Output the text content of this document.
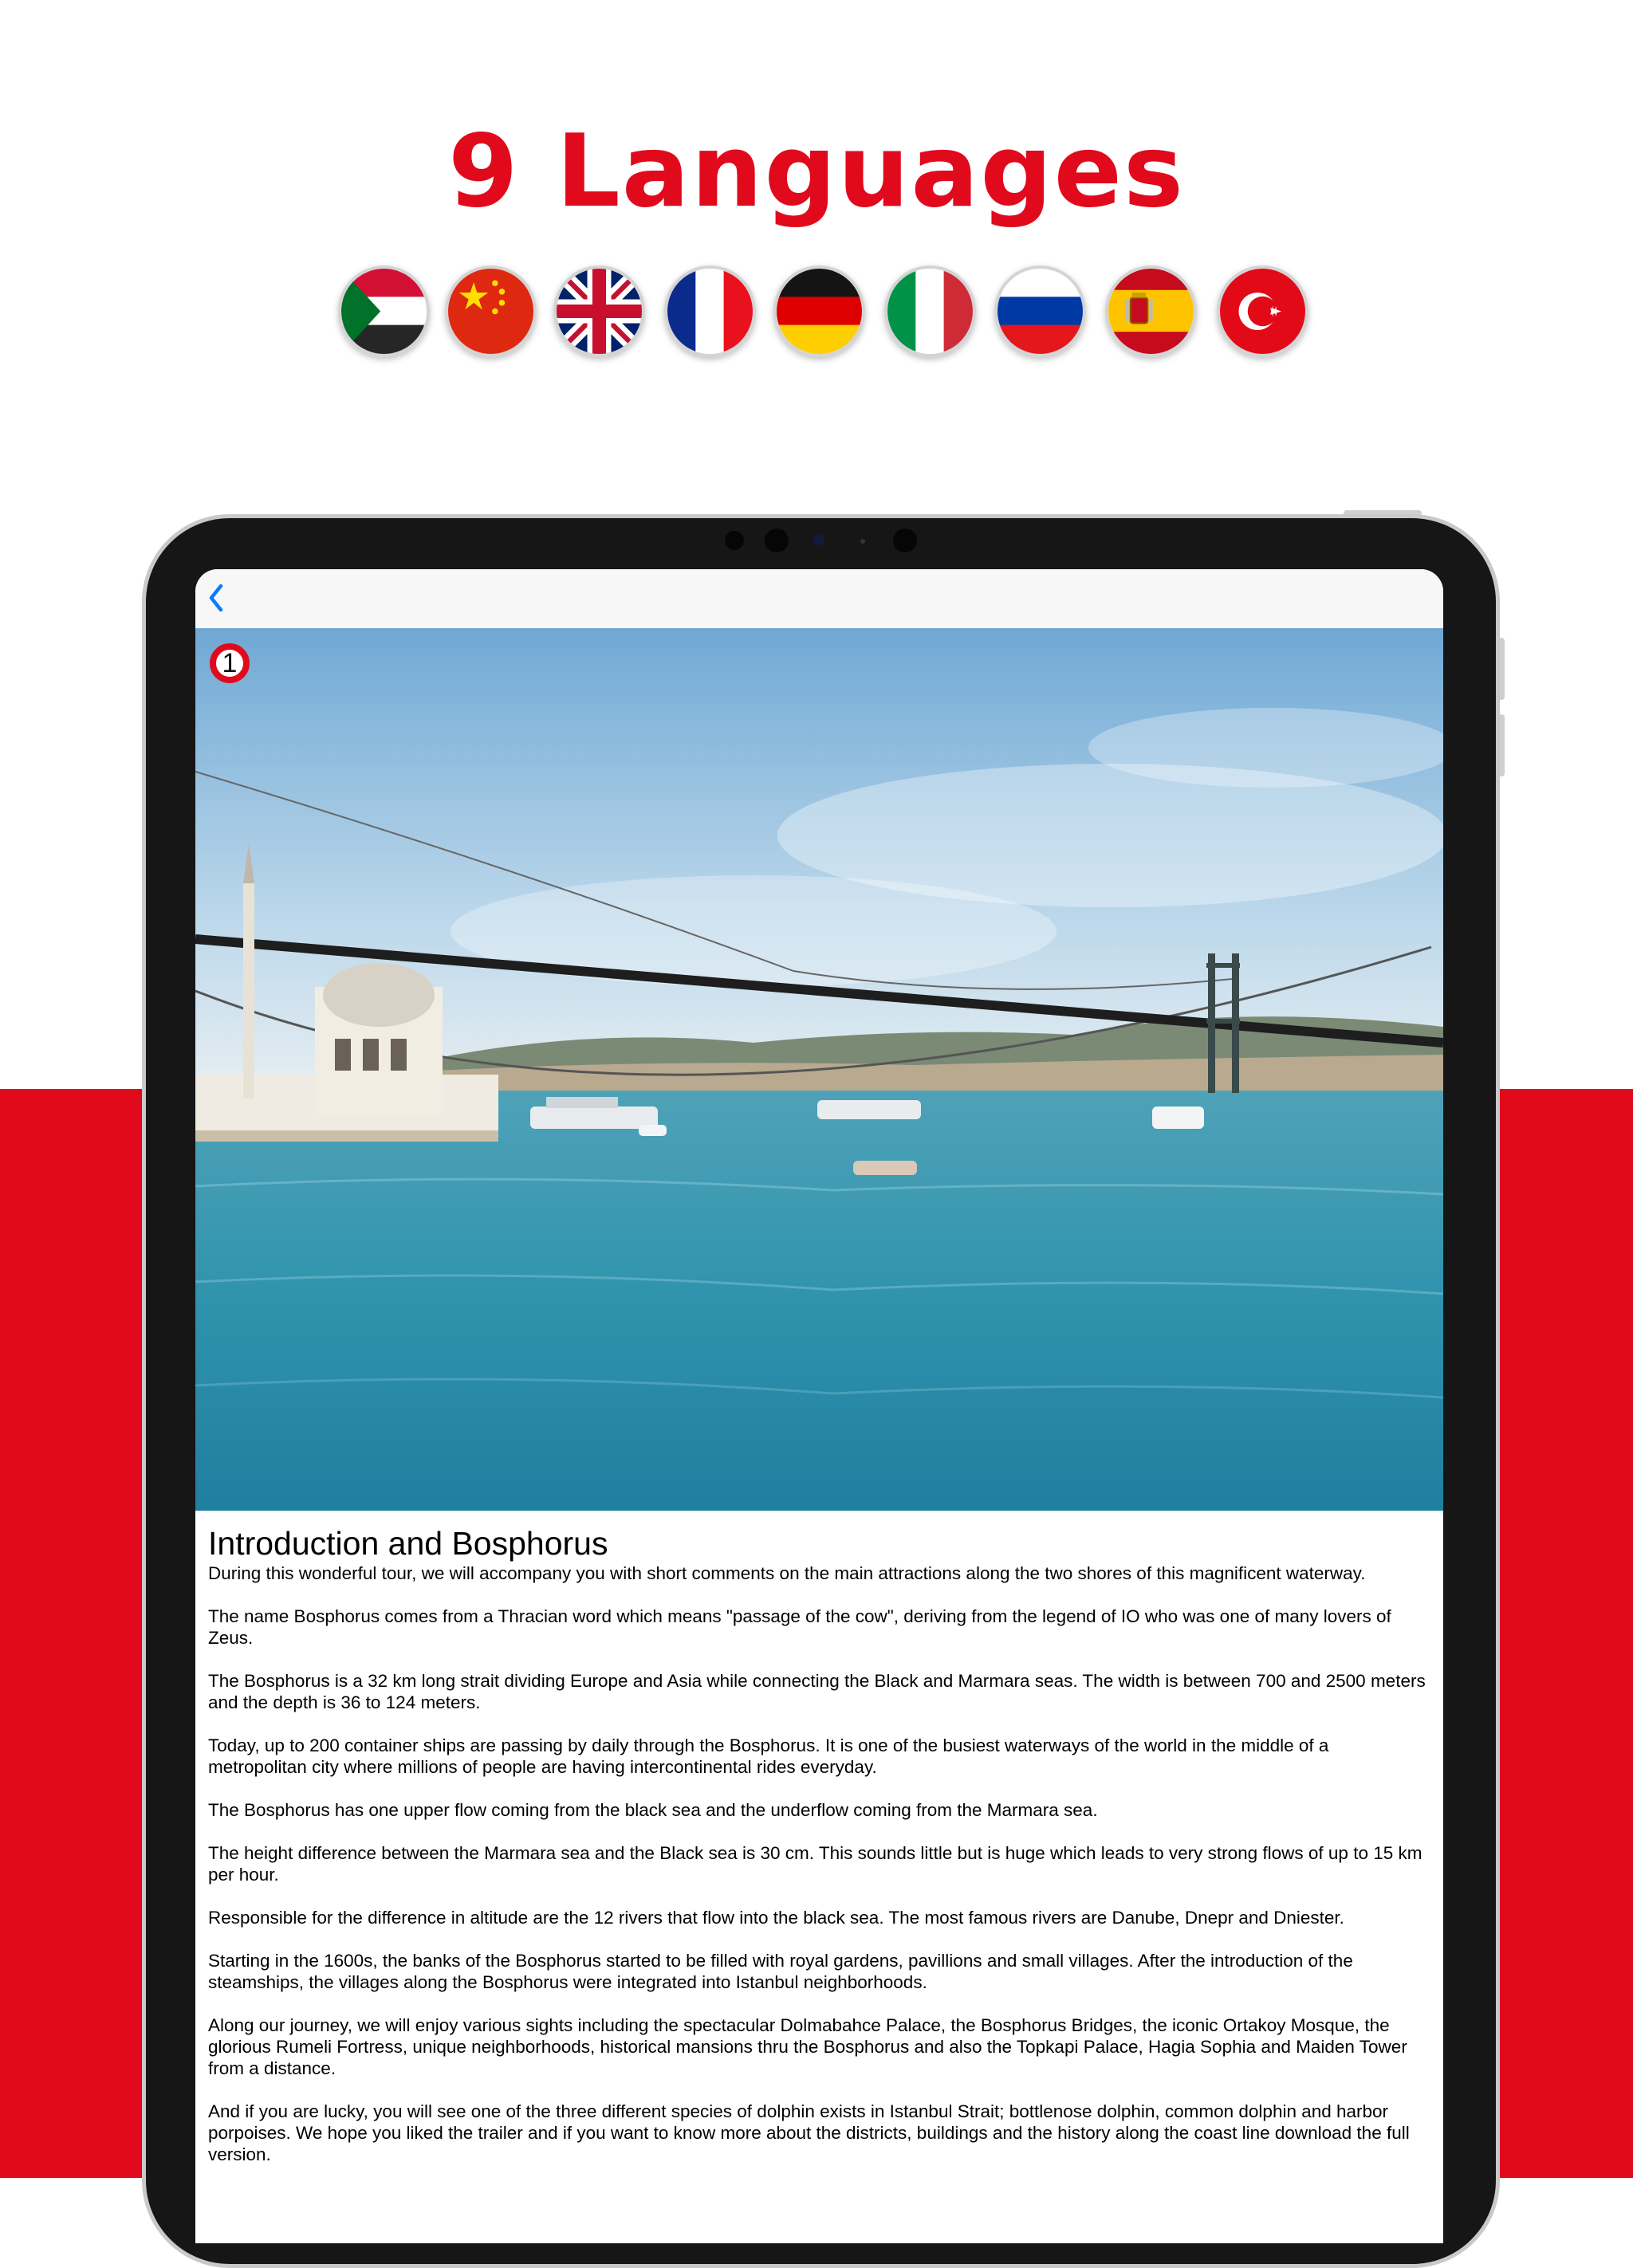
9 Languages
1
Introduction and Bosphorus

During this wonderful tour, we will accompany you with short comments on the main attractions along the two shores of this magnificent waterway.

The name Bosphorus comes from a Thracian word which means "passage of the cow", deriving from the legend of IO who was one of many lovers of Zeus.

The Bosphorus is a 32 km long strait dividing Europe and Asia while connecting the Black and Marmara seas. The width is between 700 and 2500 meters and the depth is 36 to 124 meters.

Today, up to 200 container ships are passing by daily through the Bosphorus. It is one of the busiest waterways of the world in the middle of a metropolitan city where millions of people are having intercontinental rides everyday.

The Bosphorus has one upper flow coming from the black sea and the underflow coming from the Marmara sea.

The height difference between the Marmara sea and the Black sea is 30 cm. This sounds little but is huge which leads to very strong flows of up to 15 km per hour.

Responsible for the difference in altitude are the 12 rivers that flow into the black sea. The most famous rivers are Danube, Dnepr and Dniester.

Starting in the 1600s, the banks of the Bosphorus started to be filled with royal gardens, pavillions and small villages. After the introduction of the steamships, the villages along the Bosphorus were integrated into Istanbul neighborhoods.

Along our journey, we will enjoy various sights including the spectacular Dolmabahce Palace, the Bosphorus Bridges, the iconic Ortakoy Mosque, the glorious Rumeli Fortress, unique neighborhoods, historical mansions thru the Bosphorus and also the Topkapi Palace, Hagia Sophia and Maiden Tower from a distance.

And if you are lucky, you will see one of the three different species of dolphin exists in Istanbul Strait; bottlenose dolphin, common dolphin and harbor porpoises. We hope you liked the trailer and if you want to know more about the districts, buildings and the history along the coast line download the full version.
